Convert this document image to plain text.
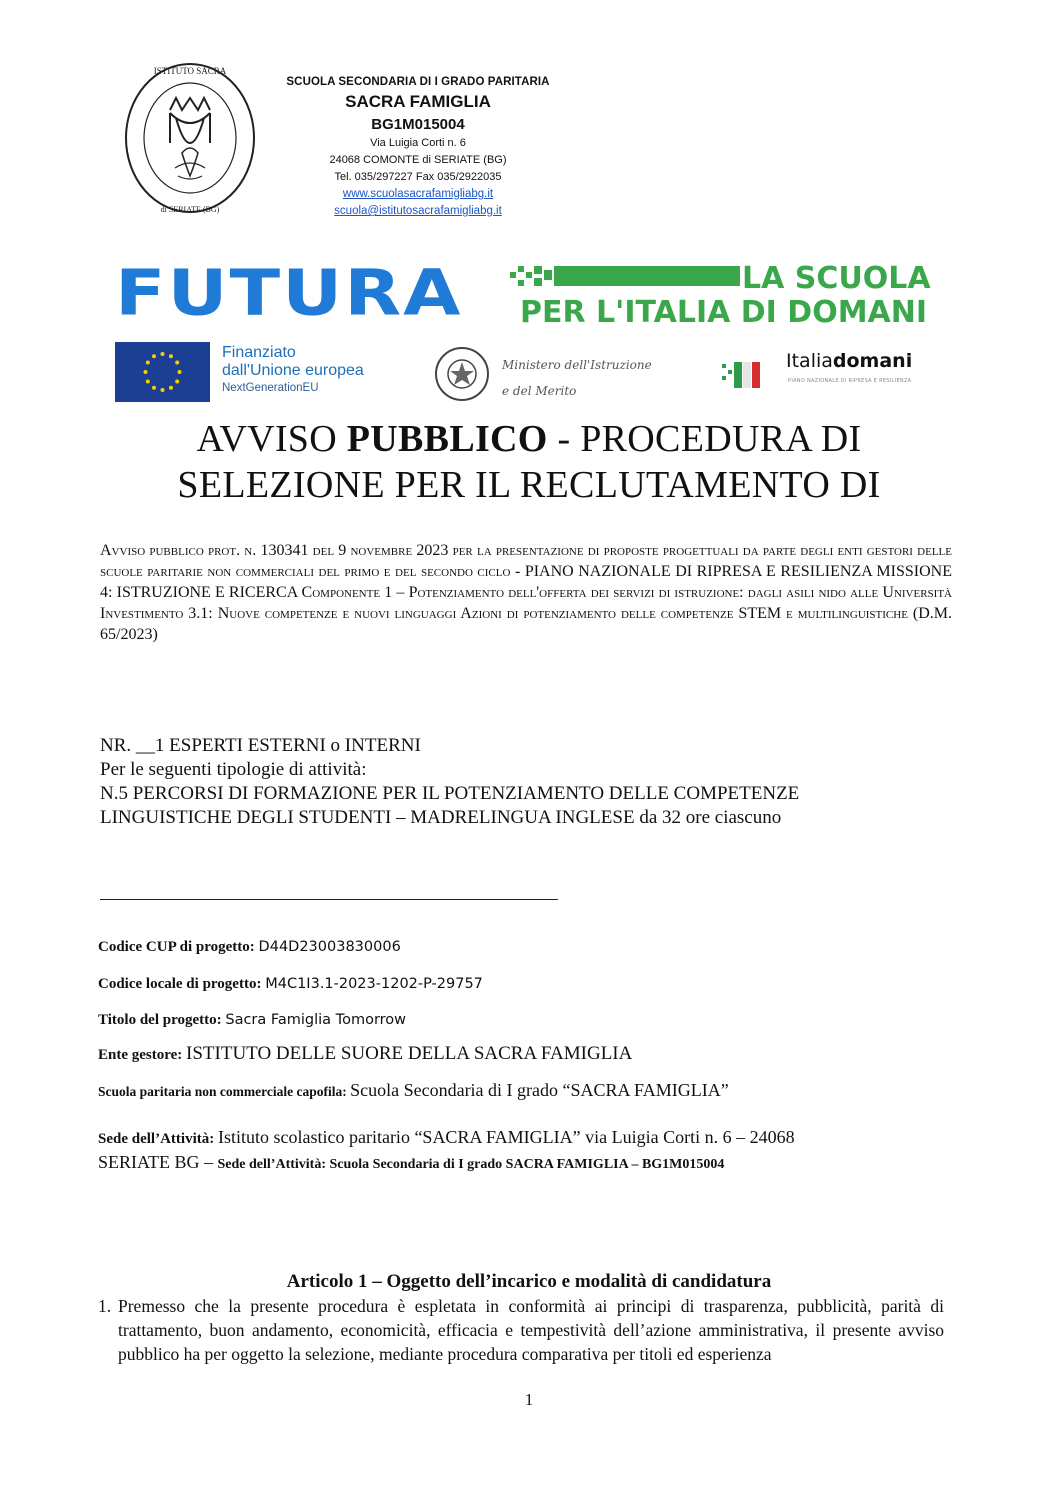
ISTITUTO SACRA
di SERIATE (BG)
SCUOLA SECONDARIA DI I GRADO PARITARIA
SACRA FAMIGLIA
BG1M015004
Via Luigia Corti n. 6
24068 COMONTE di SERIATE (BG)
Tel. 035/297227 Fax 035/2922035
www.scuolasacrafamigliabg.it
scuola@istitutosacrafamigliabg.it
FUTURA	LA SCUOLA
PER L'ITALIA DI DOMANI
Finanziato
dall'Unione europea
NextGenerationEU
Ministero dell'Istruzione
e del Merito
Italiadomani
PIANO NAZIONALE DI RIPRESA E RESILIENZA
AVVISO PUBBLICO - PROCEDURA DI
SELEZIONE PER IL RECLUTAMENTO DI
Avviso pubblico prot. n. 130341 del 9 novembre 2023 per la presentazione di proposte progettuali da parte degli enti gestori delle scuole paritarie non commerciali del primo e del secondo ciclo - PIANO NAZIONALE DI RIPRESA E RESILIENZA MISSIONE 4: ISTRUZIONE E RICERCA Componente 1 – Potenziamento dell'offerta dei servizi di istruzione: dagli asili nido alle Università Investimento 3.1: Nuove competenze e nuovi linguaggi Azioni di potenziamento delle competenze STEM e multilinguistiche (D.M. 65/2023)
NR. __1 ESPERTI ESTERNI o INTERNI
Per le seguenti tipologie di attività:
N.5 PERCORSI DI FORMAZIONE PER IL POTENZIAMENTO DELLE COMPETENZE
LINGUISTICHE DEGLI STUDENTI – MADRELINGUA INGLESE da 32 ore ciascuno
Codice CUP di progetto: D44D23003830006
Codice locale di progetto: M4C1I3.1-2023-1202-P-29757
Titolo del progetto: Sacra Famiglia Tomorrow
Ente gestore: ISTITUTO DELLE SUORE DELLA SACRA FAMIGLIA
Scuola paritaria non commerciale capofila: Scuola Secondaria di I grado “SACRA FAMIGLIA”
Sede dell’Attività: Istituto scolastico paritario “SACRA FAMIGLIA” via Luigia Corti n. 6 – 24068
SERIATE BG – Sede dell’Attività: Scuola Secondaria di I grado SACRA FAMIGLIA – BG1M015004
Articolo 1 – Oggetto dell’incarico e modalità di candidatura
1. Premesso che la presente procedura è espletata in conformità ai principi di trasparenza, pubblicità, parità di trattamento, buon andamento, economicità, efficacia e tempestività dell’azione amministrativa, il presente avviso pubblico ha per oggetto la selezione, mediante procedura comparativa per titoli ed esperienza
1
